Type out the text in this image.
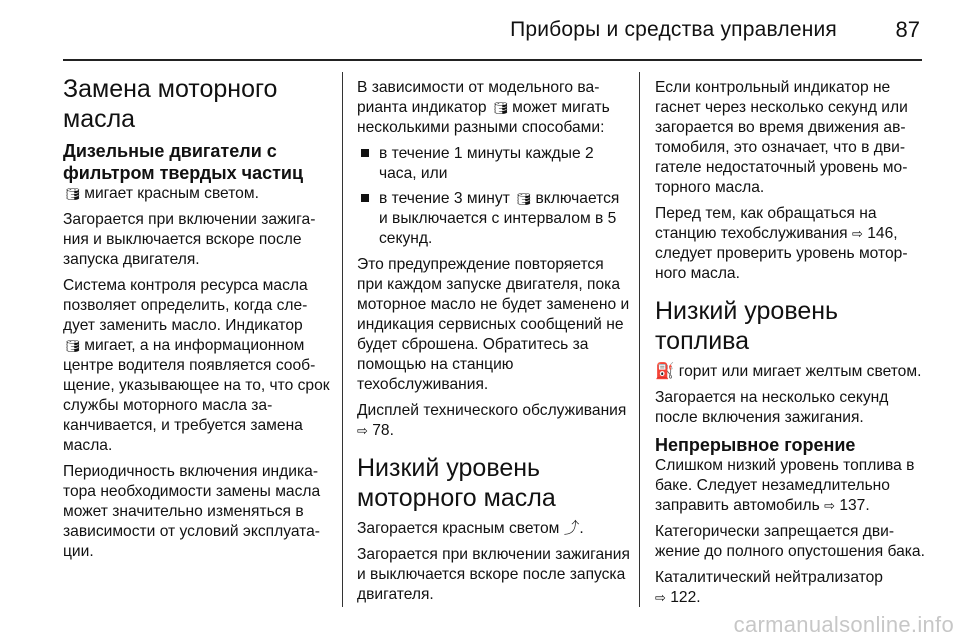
Приборы и средства управления	87
Замена моторного масла
Дизельные двигатели с фильтром твердых частиц

🛢мигает красным светом.

Загорается при включении зажигания и выключается вскоре после запуска двигателя.

Система контроля ресурса масла позволяет определить, когда следует заменить масло. Индикатор
🛢мигает, а на информационном центре водителя появляется сообщение, указывающее на то, что срок службы моторного масла заканчивается, и требуется замена масла.

Периодичность включения индикатора необходимости замены масла может значительно изменяться в зависимости от условий эксплуатации.

В зависимости от модельного варианта индикатор 🛢может мигать несколькими разными способами:

в течение 1 минуты каждые 2 часа, или
в течение 3 минут 🛢включается и выключается с интервалом в 5 секунд.

Это предупреждение повторяется при каждом запуске двигателя, пока моторное масло не будет заменено и индикация сервисных сообщений не будет сброшена. Обратитесь за помощью на станцию техобслуживания.

Дисплей технического обслуживания ⇨ 78.

Низкий уровень моторного масла

Загорается красным светом ⤴.

Загорается при включении зажигания и выключается вскоре после запуска двигателя.

Если контрольный индикатор не гаснет через несколько секунд или загорается во время движения автомобиля, это означает, что в двигателе недостаточный уровень моторного масла.

Перед тем, как обращаться на станцию техобслуживания ⇨ 146, следует проверить уровень моторного масла.

Низкий уровень топлива

⛽ горит или мигает желтым светом.

Загорается на несколько секунд после включения зажигания.

Непрерывное горение

Слишком низкий уровень топлива в баке. Следует незамедлительно заправить автомобиль ⇨ 137.

Категорически запрещается движение до полного опустошения бака.

Каталитический нейтрализатор
⇨ 122.

carmanualsonline.info
